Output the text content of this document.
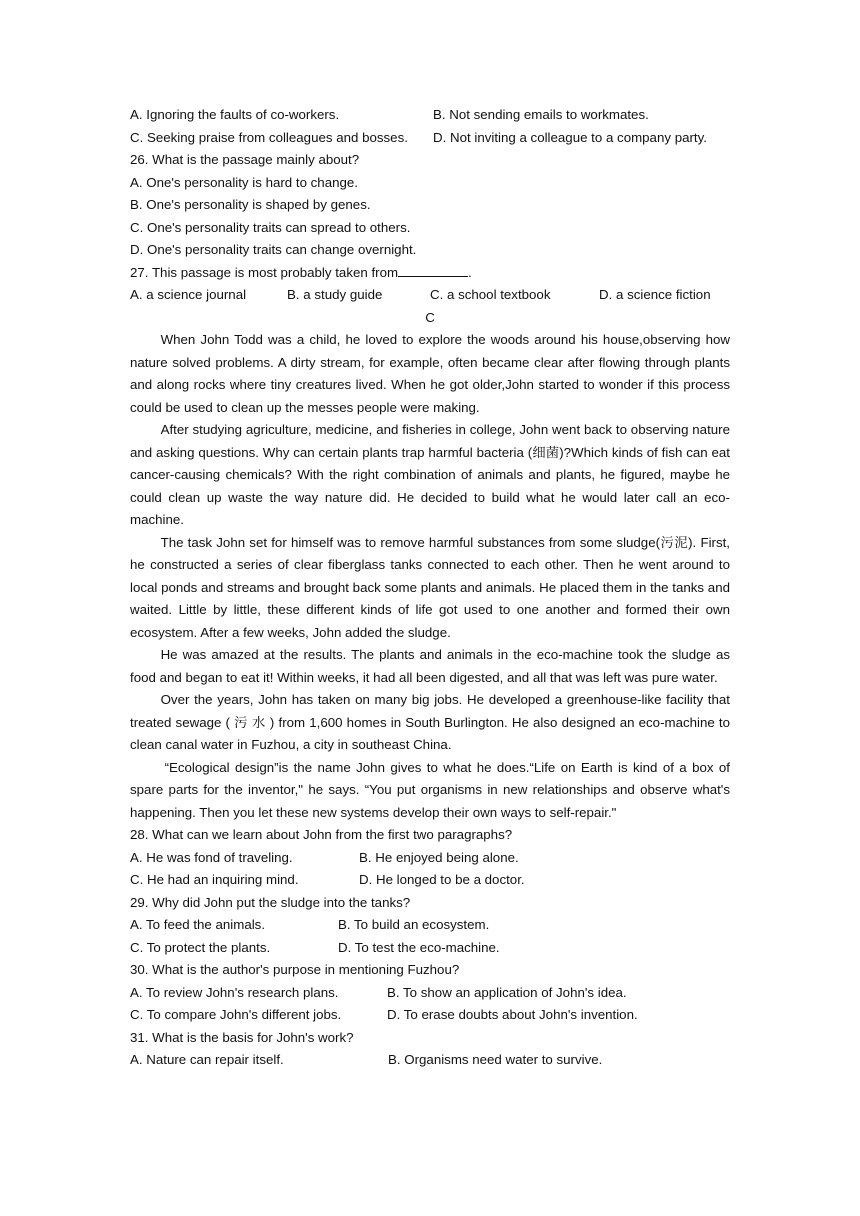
A. Ignoring the faults of co-workers.	B. Not sending emails to workmates.
C. Seeking praise from colleagues and bosses. D. Not inviting a colleague to a company party.
26. What is the passage mainly about?
A. One's personality is hard to change.
B. One's personality is shaped by genes.
C. One's personality traits can spread to others.
D. One's personality traits can change overnight.
27. This passage is most probably taken from	.
A. a science journal	B. a study guide	C. a school textbook	D. a science fiction
C

When John Todd was a child, he loved to explore the woods around his house,observing how nature solved problems. A dirty stream, for example, often became clear after flowing through plants and along rocks where tiny creatures lived. When he got older,John started to wonder if this process could be used to clean up the messes people were making.

After studying agriculture, medicine, and fisheries in college, John went back to observing nature and asking questions. Why can certain plants trap harmful bacteria (细菌)?Which kinds of fish can eat cancer-causing chemicals? With the right combination of animals and plants, he figured, maybe he could clean up waste the way nature did. He decided to build what he would later call an eco-machine.

The task John set for himself was to remove harmful substances from some sludge(污泥). First, he constructed a series of clear fiberglass tanks connected to each other. Then he went around to local ponds and streams and brought back some plants and animals. He placed them in the tanks and waited. Little by little, these different kinds of life got used to one another and formed their own ecosystem. After a few weeks, John added the sludge.

He was amazed at the results. The plants and animals in the eco-machine took the sludge as food and began to eat it! Within weeks, it had all been digested, and all that was left was pure water.

Over the years, John has taken on many big jobs. He developed a greenhouse-like facility that treated sewage ( 污 水 ) from 1,600 homes in South Burlington. He also designed an eco-machine to clean canal water in Fuzhou, a city in southeast China.

“Ecological design”is the name John gives to what he does.“Life on Earth is kind of a box of spare parts for the inventor," he says. “You put organisms in new relationships and observe what's happening. Then you let these new systems develop their own ways to self-repair."

28. What can we learn about John from the first two paragraphs?
A. He was fond of traveling.	B. He enjoyed being alone.
C. He had an inquiring mind.	D. He longed to be a doctor.
29. Why did John put the sludge into the tanks?
A. To feed the animals.	B. To build an ecosystem.
C. To protect the plants.	D. To test the eco-machine.
30. What is the author's purpose in mentioning Fuzhou?
A. To review John's research plans.	B. To show an application of John's idea.
C. To compare John's different jobs.	D. To erase doubts about John's invention.
31. What is the basis for John's work?
A. Nature can repair itself.	B. Organisms need water to survive.
